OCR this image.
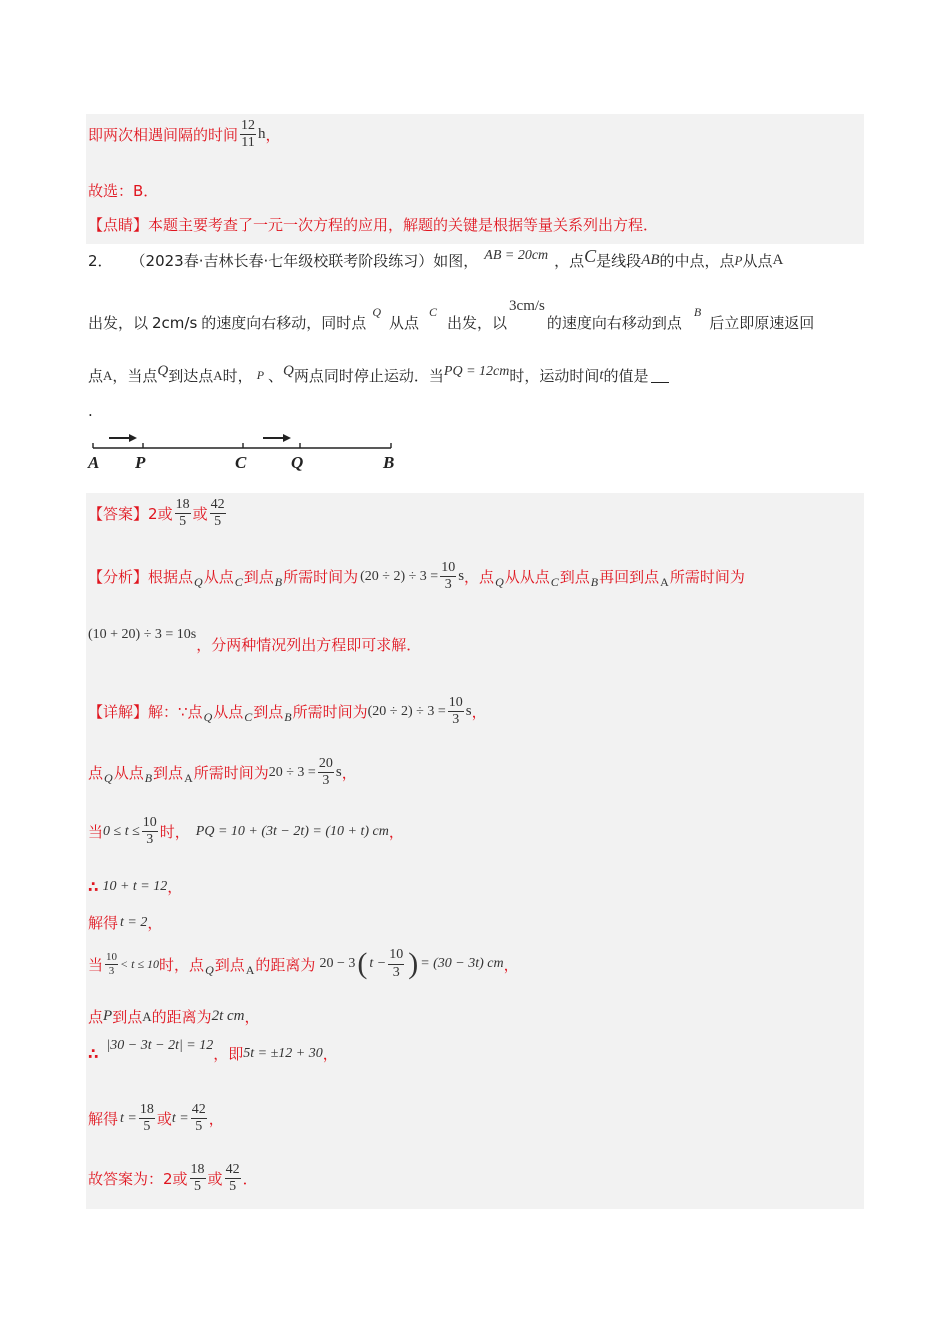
即两次相遇间隔的时间 $\frac{12}{11}$ h ，
故选：B．
【点睛】 本题主要考查了一元一次方程的应用，解题的关键是根据等量关系列出方程．
2． （2023春·吉林长春·七年级校联考阶段练习）如图， AB = 20cm ，点 C 是线段 AB 的中点，点 P 从点 A
出发，以 2cm/s 的速度向右移动，同时点
Q
从点
C
出发，以
3cm/s
的速度向右移动到点
B
后立即原速返回
点 A ，当点 Q 到达点 A 时， P 、 Q 两点同时停止运动．当 PQ = 12cm 时，运动时间 t 的值是
.
A P	C	Q	B
【答案】 2 或 $\frac{18}{5}$ 或 $\frac{42}{5}$
【分析】 根据点 Q 从点 C 到点 B 所需时间为 $(20 \div 2) \div 3 = \frac{10}{3}$ s ，点 Q 从从点 C 到点 B 再回到点 A 所需时间为
(10 + 20) ÷ 3 = 10s
，分两种情况列出方程即可求解．
【详解】 解：∵点 Q 从点 C 到点 B 所需时间为 $(20 \div 2) \div 3 = \frac{10}{3}$ s ，
点 Q 从点 B 到点 A 所需时间为 $20 \div 3 = \frac{20}{3}$ s ，
当 $0 \le t \le \frac{10}{3}$ 时， PQ = 10 + (3t − 2t) = (10 + t) cm ，
∴ 10 + t = 12 ，
解得 t = 2 ，
当 $\frac{10}{3} < t \le 10$ 时，点 Q 到点 A 的距离为 20 − 3 ( $t - \frac{10}{3}$ ) = (30 − 3t) cm ，
点 P 到点 A 的距离为 2t cm ，
∴ |30 − 3t − 2t| = 12 ，即 5t = ±12 + 30 ，
解得 $t = \frac{18}{5}$ 或 $t = \frac{42}{5}$ ，
故答案为：2或 $\frac{18}{5}$ 或 $\frac{42}{5}$ ．
